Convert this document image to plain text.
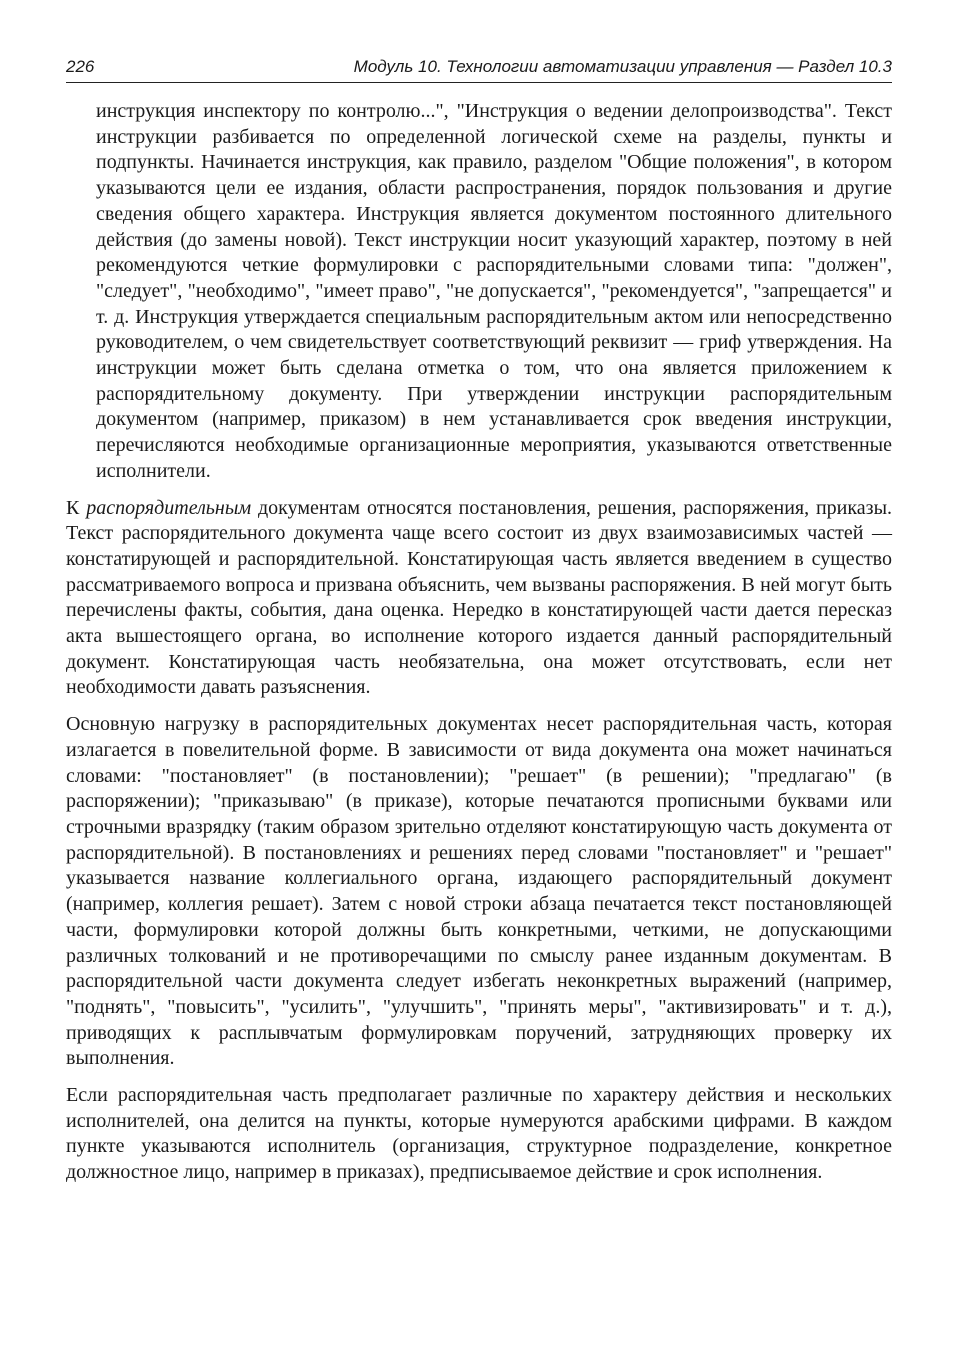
226	Модуль 10. Технологии автоматизации управления — Раздел 10.3

инструкция инспектору по контролю...", "Инструкция о ведении делопроизводства". Текст инструкции разбивается по определенной логической схеме на разделы, пункты и подпункты. Начинается инструкция, как правило, разделом "Общие положения", в котором указываются цели ее издания, области распространения, порядок пользования и другие сведения общего характера. Инструкция является документом постоянного длительного действия (до замены новой). Текст инструкции носит указующий характер, поэтому в ней рекомендуются четкие формулировки с распорядительными словами типа: "должен", "следует", "необходимо", "имеет право", "не допускается", "рекомендуется", "запрещается" и т. д. Инструкция утверждается специальным распорядительным актом или непосредственно руководителем, о чем свидетельствует соответствующий реквизит — гриф утверждения. На инструкции может быть сделана отметка о том, что она является приложением к распорядительному документу. При утверждении инструкции распорядительным документом (например, приказом) в нем устанавливается срок введения инструкции, перечисляются необходимые организационные мероприятия, указываются ответственные исполнители.

К распорядительным документам относятся постановления, решения, распоряжения, приказы. Текст распорядительного документа чаще всего состоит из двух взаимозависимых частей — констатирующей и распорядительной. Констатирующая часть является введением в существо рассматриваемого вопроса и призвана объяснить, чем вызваны распоряжения. В ней могут быть перечислены факты, события, дана оценка. Нередко в констатирующей части дается пересказ акта вышестоящего органа, во исполнение которого издается данный распорядительный документ. Констатирующая часть необязательна, она может отсутствовать, если нет необходимости давать разъяснения.

Основную нагрузку в распорядительных документах несет распорядительная часть, которая излагается в повелительной форме. В зависимости от вида документа она может начинаться словами: "постановляет" (в постановлении); "решает" (в решении); "предлагаю" (в распоряжении); "приказываю" (в приказе), которые печатаются прописными буквами или строчными вразрядку (таким образом зрительно отделяют констатирующую часть документа от распорядительной). В постановлениях и решениях перед словами "постановляет" и "решает" указывается название коллегиального органа, издающего распорядительный документ (например, коллегия решает). Затем с новой строки абзаца печатается текст постановляющей части, формулировки которой должны быть конкретными, четкими, не допускающими различных толкований и не противоречащими по смыслу ранее изданным документам. В распорядительной части документа следует избегать неконкретных выражений (например, "поднять", "повысить", "усилить", "улучшить", "принять меры", "активизировать" и т. д.), приводящих к расплывчатым формулировкам поручений, затрудняющих проверку их выполнения.

Если распорядительная часть предполагает различные по характеру действия и нескольких исполнителей, она делится на пункты, которые нумеруются арабскими цифрами. В каждом пункте указываются исполнитель (организация, структурное подразделение, конкретное должностное лицо, например в приказах), предписываемое действие и срок исполнения.
